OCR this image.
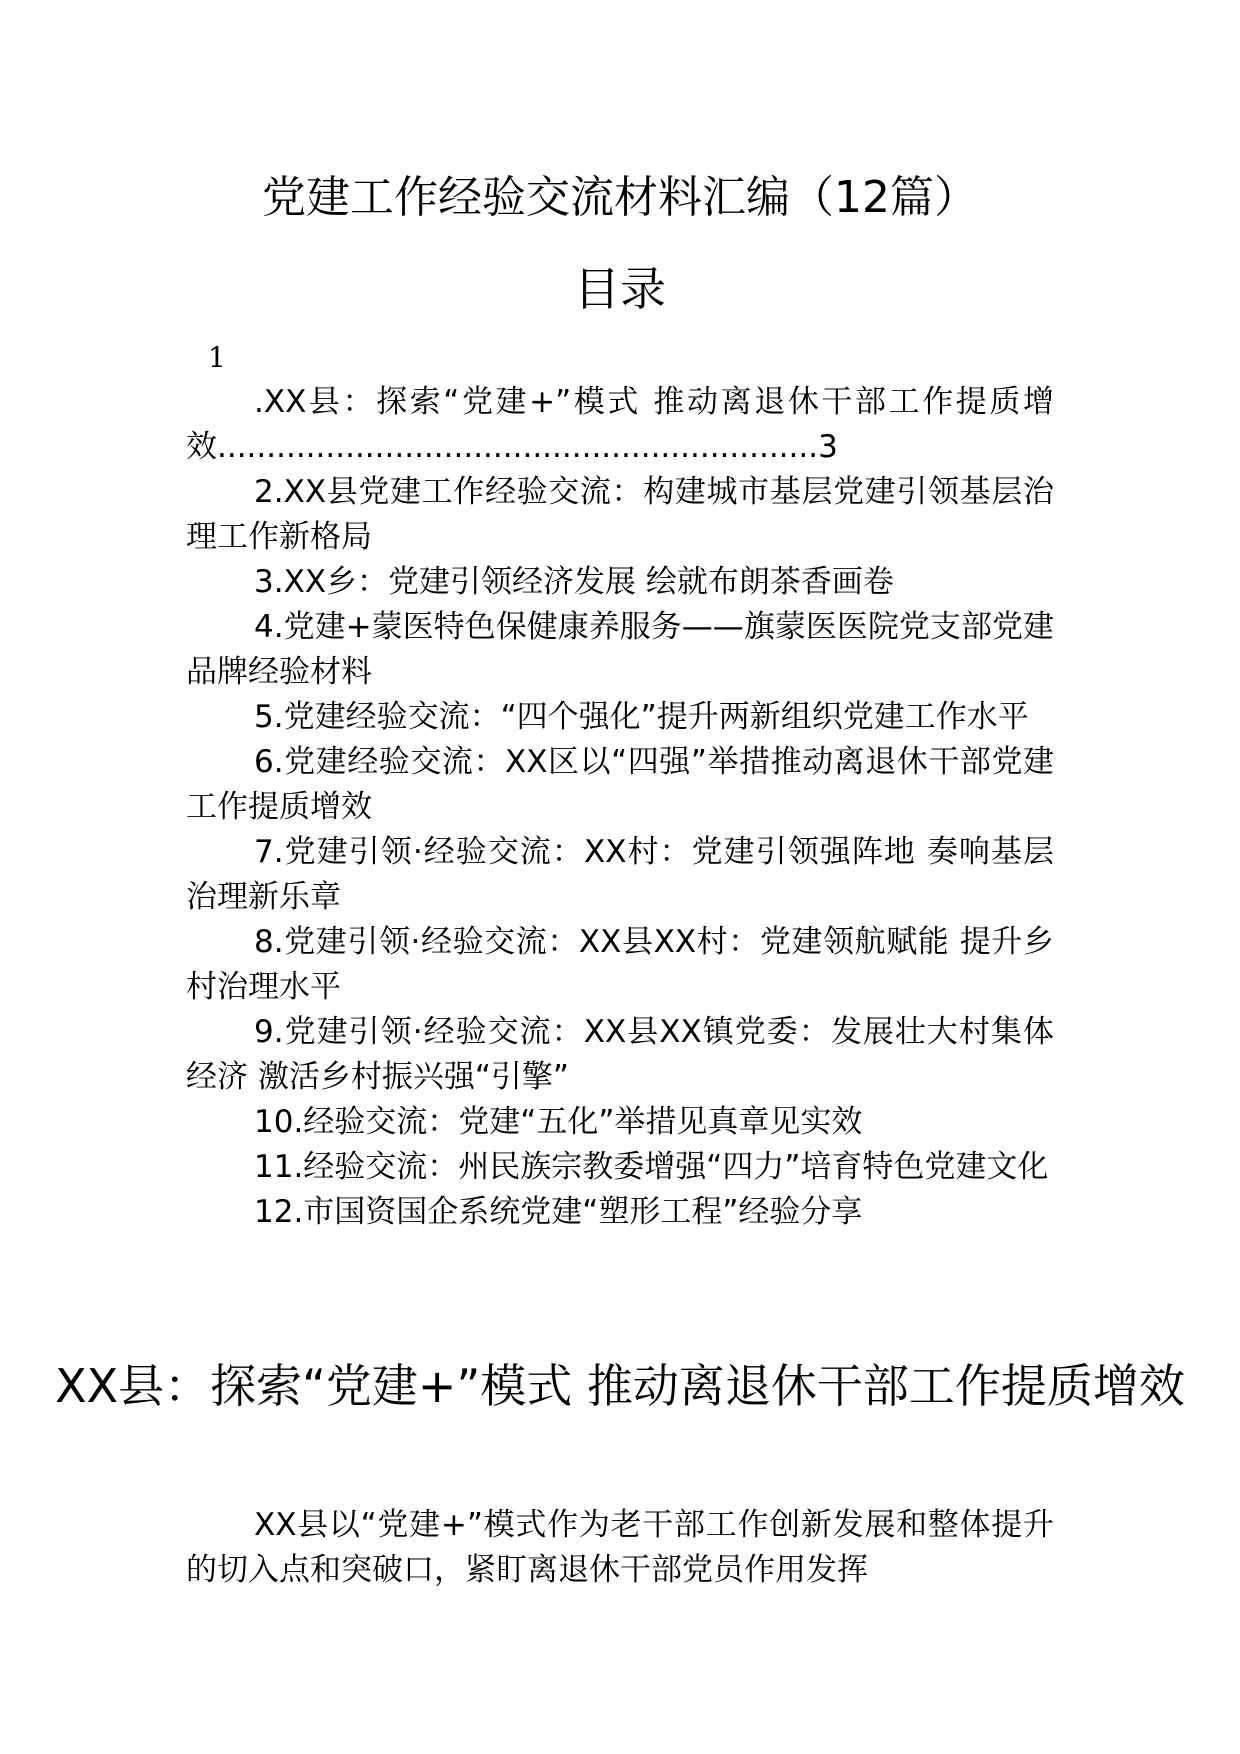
党建工作经验交流材料汇编（12篇）
目录
1

.XX县：探索“党建+”模式 推动离退休干部工作提质增效.............................................................3

2.XX县党建工作经验交流：构建城市基层党建引领基层治理工作新格局

3.XX乡：党建引领经济发展 绘就布朗茶香画卷

4.党建+蒙医特色保健康养服务——旗蒙医医院党支部党建品牌经验材料

5.党建经验交流：“四个强化”提升两新组织党建工作水平

6.党建经验交流：XX区以“四强”举措推动离退休干部党建工作提质增效

7.党建引领·经验交流：XX村：党建引领强阵地 奏响基层治理新乐章

8.党建引领·经验交流：XX县XX村：党建领航赋能 提升乡村治理水平

9.党建引领·经验交流：XX县XX镇党委：发展壮大村集体经济 激活乡村振兴强“引擎”

10.经验交流：党建“五化”举措见真章见实效

11.经验交流：州民族宗教委增强“四力”培育特色党建文化

12.市国资国企系统党建“塑形工程”经验分享

XX县：探索“党建+”模式 推动离退休干部工作提质增效

XX县以“党建+”模式作为老干部工作创新发展和整体提升的切入点和突破口，紧盯离退休干部党员作用发挥
